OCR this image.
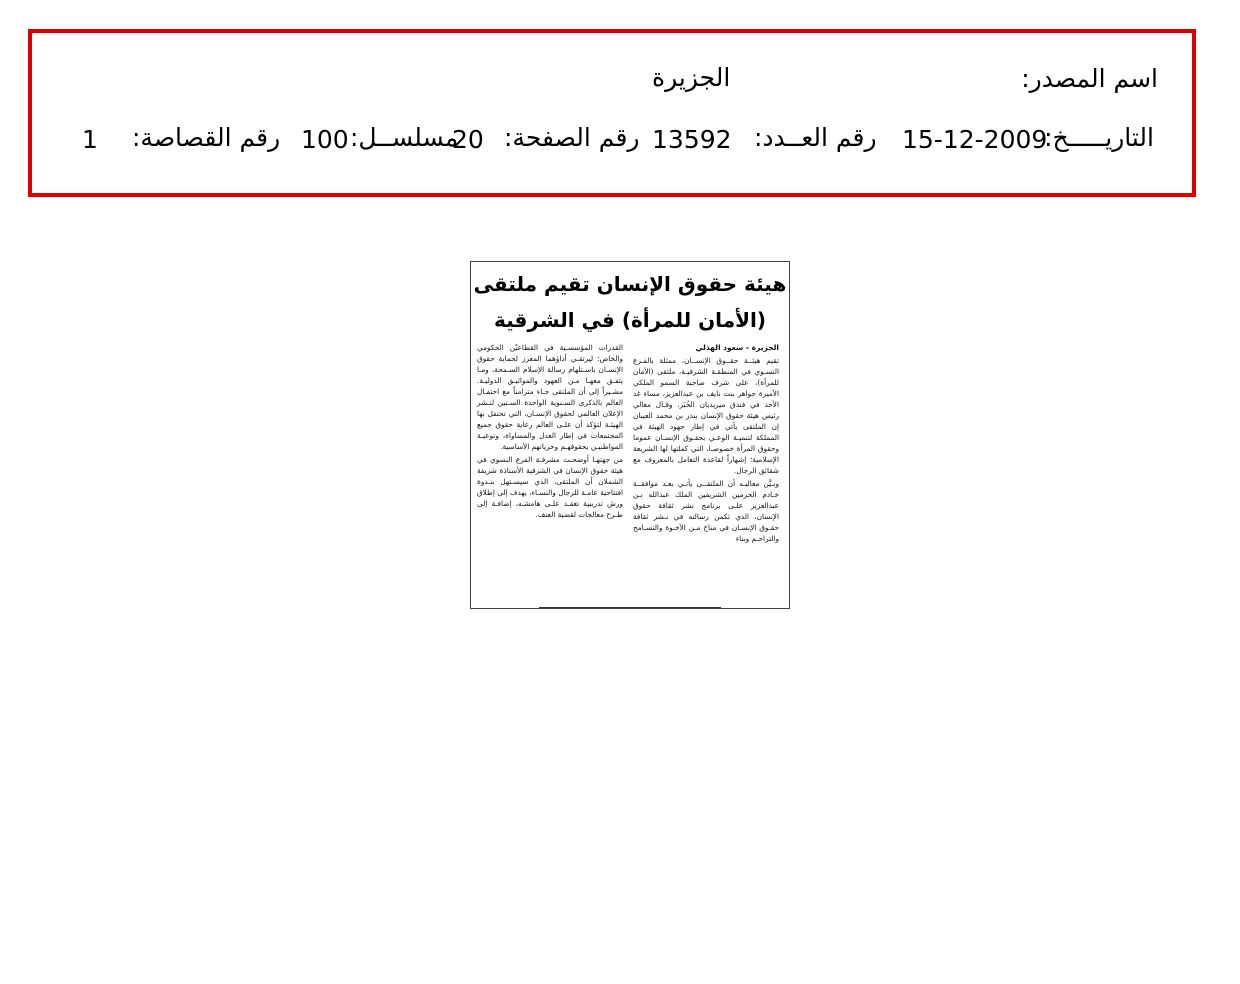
اسم المصدر:
الجزيرة
التاريـــــخ:
15-12-2009
رقم العــدد:
13592
رقم الصفحة:
20
مسلســل:
100
رقم القصاصة:
1
هيئة حقوق الإنسان تقيم ملتقى
(الأمان للمرأة) في الشرقية

الجزيرة - سعود الهذلي

تقيم هيئــة حقــوق الإنســان، ممثلة بالفـرع النسـوي في المنطقـة الشرقيـة، ملتقى (الأمان للمرأة)، على شرف صاحبة السمو الملكي الأميرة جواهر بنت نايف بن عبدالعزيز، مساء غد الأحد في فندق ميريديان الخُبَر. وقـال معالي رئيس هيئة حقوق الإنسان بندر بن محمد العيبان إن الملتقى يأتي في إطار جهود الهيئة في المملكة لتنميـة الوعـي بحقـوق الإنسـان عموما وحقوق المرأة خصوصـا، التي كفلتها لها الشريعة الإسلامية؛ إشهاراً لقاعدة التعامل بالمعروف مع شقائق الرجال.

وبـيَّن معاليـه أن الملتقــى يأتـي بعـد موافقــة خـادم الحرمين الشريفين الملك عبدالله بـن عبدالعزيز علـى برنامج نشر ثقافة حقوق الإنسان، الذي تكمن رسالته في نـشر ثقافة حقـوق الإنسـان في مناخ مـن الأخـوة والتسـامح والتراحـم وبناء

القدرات المؤسسـية في القطاعيْن الحكومي والخاص؛ ليرتقـي أداؤهما المعزز لحماية حقوق الإنسـان باسـتلهام رسالة الإسلام السـمحة، ومـا يتفـق معهـا مـن العهود والمواثيـق الدوليـة. مشـيراً إلى أن الملتقى جـاء متزامناً مع احتفـال العالم بالذكرى السـنوية الواحدة السـتين لنـشر الإعلان العالمي لحقوق الإنسـان، التي تحتفل بها الهيئـة لتؤكد أن علـى العالم رعاية حقوق جميع المجتمعات في إطار العدل والمساواة، وتوعيـة المواطنيـن بحقوقهـم وحرياتهم الأساسية.

من جهتهـا أوضحـت مشرفـة الفرع النسوي في هيئة حقوق الإنسان في الشرقية الأستاذة شريفة الشملان أن الملتقى، الذي سيسـتهل بنـدوة افتتاحية عامـة للرجال والنسـاء، يهدف إلى إطلاق ورش تدريبية تعقـد علـى هامشـه، إضافـة إلى طـرح معالجات لقضية العنف.
